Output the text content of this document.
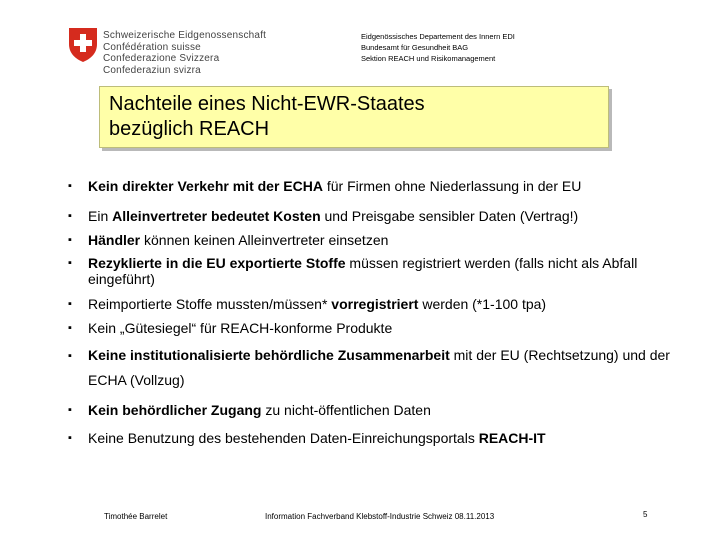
Schweizerische Eidgenossenschaft
Confédération suisse
Confederazione Svizzera
Confederaziun svizra
Eidgenössisches Departement des Innern EDI
Bundesamt für Gesundheit BAG
Sektion REACH und Risikomanagement
Nachteile eines Nicht-EWR-Staates
bezüglich REACH
▪
Kein direkter Verkehr mit der ECHA für Firmen ohne Niederlassung in der EU
▪
Ein Alleinvertreter bedeutet Kosten und Preisgabe sensibler Daten (Vertrag!)
▪
Händler können keinen Alleinvertreter einsetzen
▪
Rezyklierte in die EU exportierte Stoffe müssen registriert werden (falls nicht als Abfall eingeführt)
▪
Reimportierte Stoffe mussten/müssen* vorregistriert werden (*1-100 tpa)
▪
Kein „Gütesiegel“ für REACH-konforme Produkte
▪
Keine institutionalisierte behördliche Zusammenarbeit mit der EU (Rechtsetzung) und der ECHA (Vollzug)
▪
Kein behördlicher Zugang zu nicht-öffentlichen Daten
▪
Keine Benutzung des bestehenden Daten-Einreichungsportals REACH-IT
Timothée Barrelet	Information Fachverband Klebstoff-Industrie Schweiz 08.11.2013	5
